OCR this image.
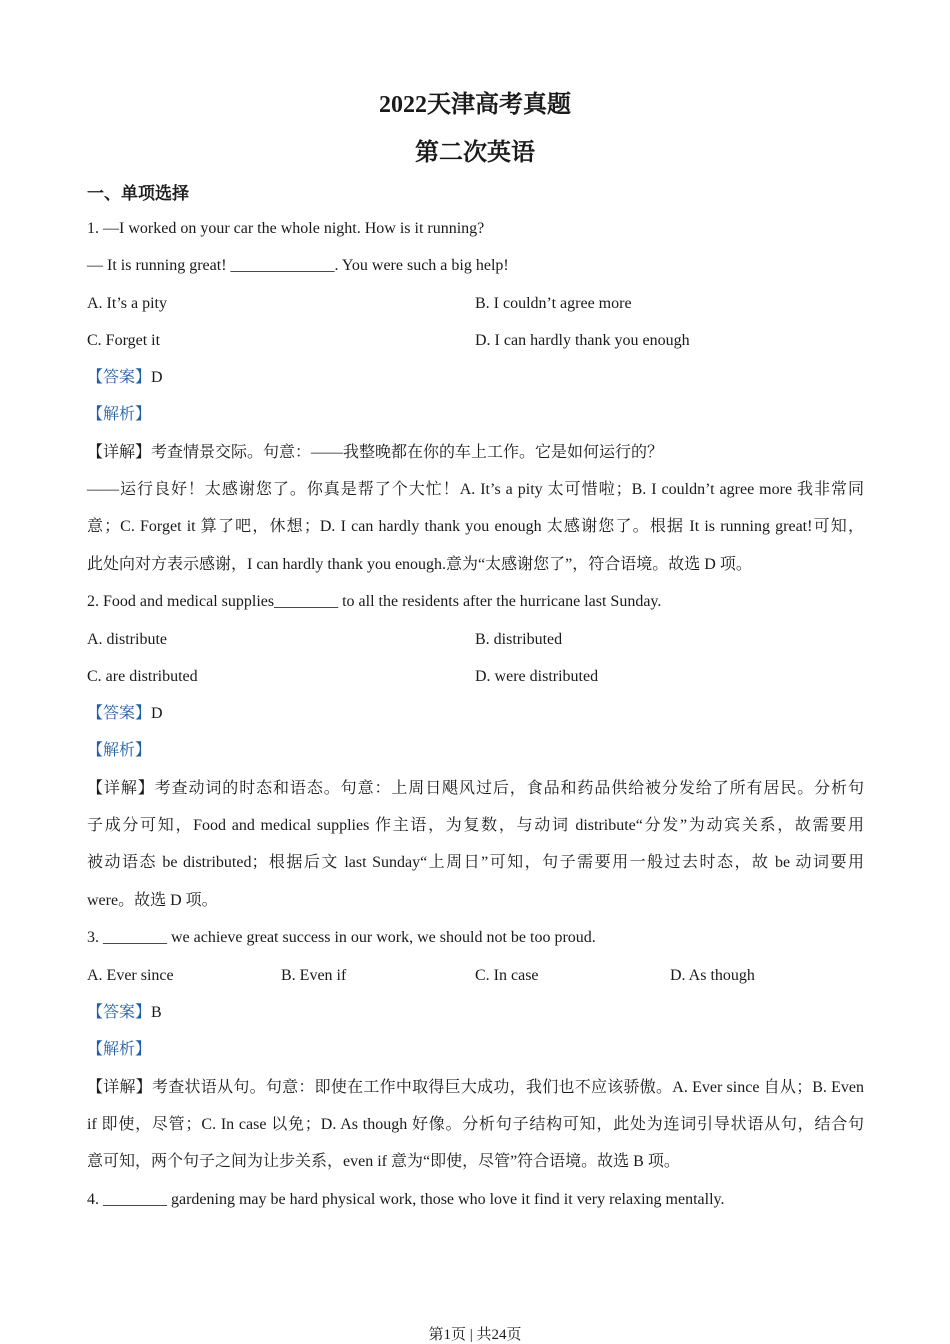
2022天津高考真题
第二次英语
一、单项选择
1. —I worked on your car the whole night. How is it running?
— It is running great! _____________. You were such a big help!
A. It’s a pity	B. I couldn’t agree more
C. Forget it	D. I can hardly thank you enough
【答案】D
【解析】
【详解】考查情景交际。句意：——我整晚都在你的车上工作。它是如何运行的？
——运行良好！太感谢您了。你真是帮了个大忙！A. It’s a pity 太可惜啦；B. I couldn’t agree more 我非常同
意；C. Forget it 算了吧，休想；D. I can hardly thank you enough 太感谢您了。根据 It is running great!可知，
此处向对方表示感谢，I can hardly thank you enough.意为“太感谢您了”，符合语境。故选 D 项。
2. Food and medical supplies________ to all the residents after the hurricane last Sunday.
A. distribute	B. distributed
C. are distributed	D. were distributed
【答案】D
【解析】
【详解】考查动词的时态和语态。句意：上周日飓风过后，食品和药品供给被分发给了所有居民。分析句
子成分可知，Food and medical supplies 作主语，为复数，与动词 distribute“分发”为动宾关系，故需要用
被动语态 be distributed；根据后文 last Sunday“上周日”可知，句子需要用一般过去时态，故 be 动词要用
were。故选 D 项。
3. ________ we achieve great success in our work, we should not be too proud.
A. Ever since	B. Even if	C. In case	D. As though
【答案】B
【解析】
【详解】考查状语从句。句意：即使在工作中取得巨大成功，我们也不应该骄傲。A. Ever since 自从；B. Even
if 即使，尽管；C. In case 以免；D. As though 好像。分析句子结构可知，此处为连词引导状语从句，结合句
意可知，两个句子之间为让步关系，even if 意为“即使，尽管”符合语境。故选 B 项。
4. ________ gardening may be hard physical work, those who love it find it very relaxing mentally.
第1页 | 共24页
